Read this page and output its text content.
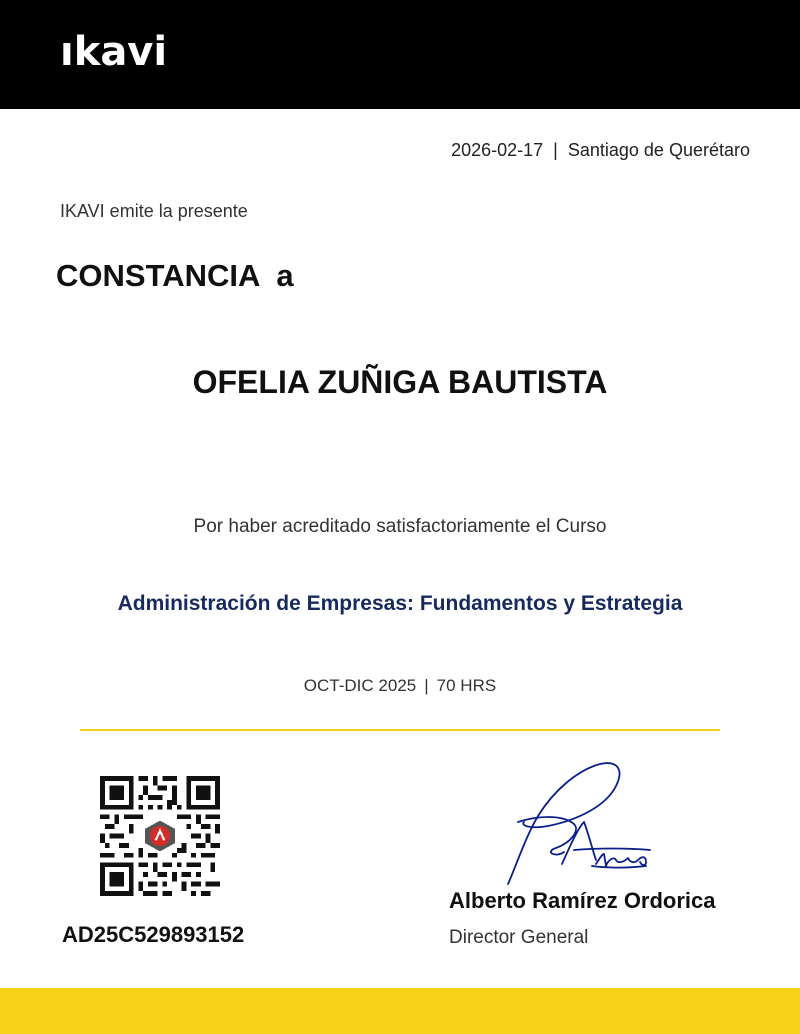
ıkavi
2026-02-17 | Santiago de Querétaro
IKAVI emite la presente
CONSTANCIA  a
OFELIA ZUÑIGA BAUTISTA
Por haber acreditado satisfactoriamente el Curso
Administración de Empresas: Fundamentos y Estrategia
OCT-DIC 2025 | 70 HRS
AD25C529893152
Alberto Ramírez Ordorica
Director General
